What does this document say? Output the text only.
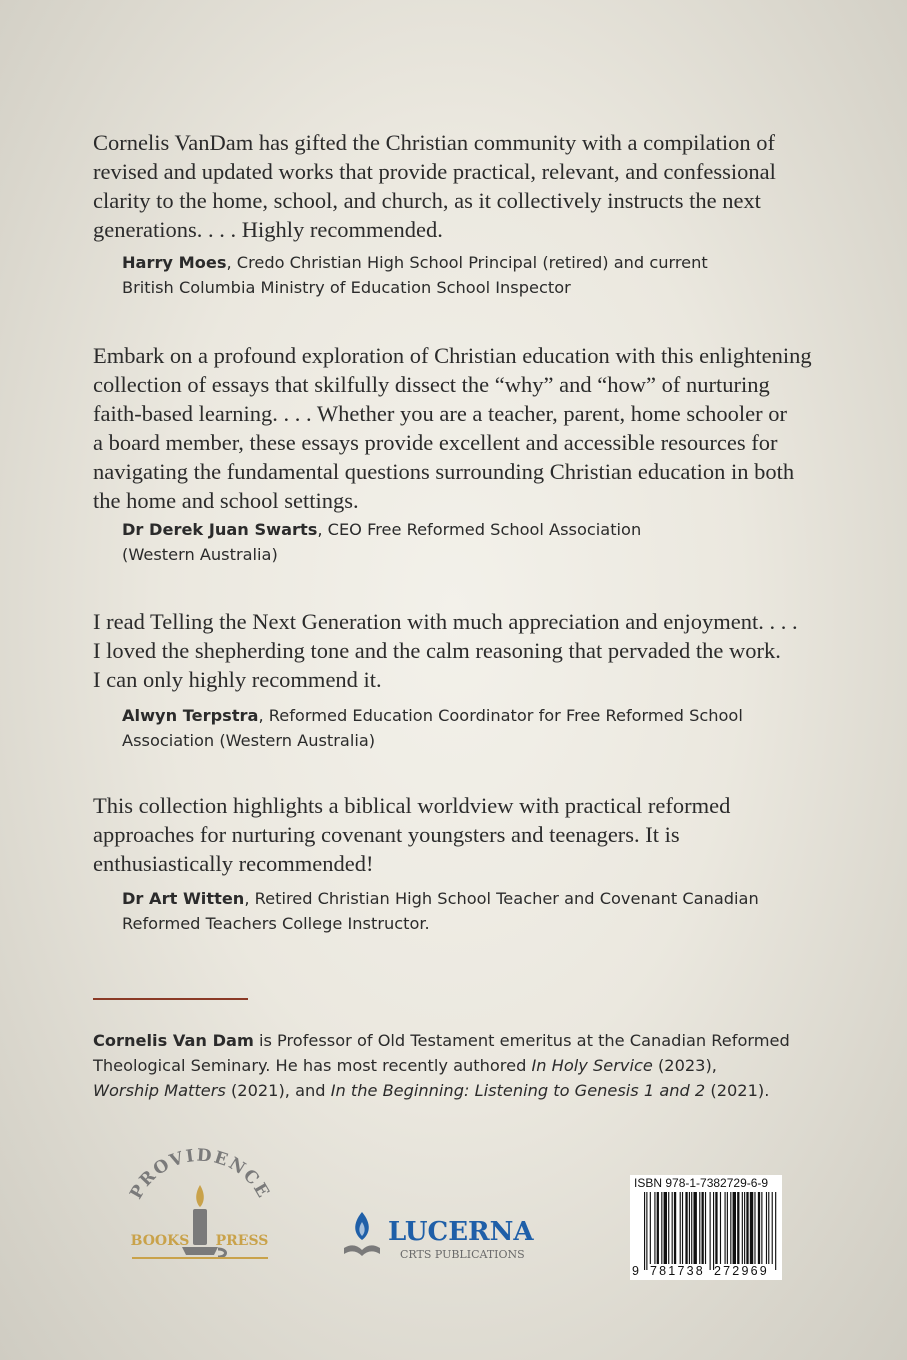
Cornelis VanDam has gifted the Christian community with a compilation of
revised and updated works that provide practical, relevant, and confessional
clarity to the home, school, and church, as it collectively instructs the next
generations. . . . Highly recommended.

Harry Moes, Credo Christian High School Principal (retired) and current
British Columbia Ministry of Education School Inspector

Embark on a profound exploration of Christian education with this enlightening
collection of essays that skilfully dissect the “why” and “how” of nurturing
faith-based learning. . . . Whether you are a teacher, parent, home schooler or
a board member, these essays provide excellent and accessible resources for
navigating the fundamental questions surrounding Christian education in both
the home and school settings.

Dr Derek Juan Swarts, CEO Free Reformed School Association
(Western Australia)

I read Telling the Next Generation with much appreciation and enjoyment. . . .
I loved the shepherding tone and the calm reasoning that pervaded the work.
I can only highly recommend it.

Alwyn Terpstra, Reformed Education Coordinator for Free Reformed School
Association (Western Australia)

This collection highlights a biblical worldview with practical reformed
approaches for nurturing covenant youngsters and teenagers. It is
enthusiastically recommended!

Dr Art Witten, Retired Christian High School Teacher and Covenant Canadian
Reformed Teachers College Instructor.

Cornelis Van Dam is Professor of Old Testament emeritus at the Canadian Reformed
Theological Seminary. He has most recently authored In Holy Service (2023),
Worship Matters (2021), and In the Beginning: Listening to Genesis 1 and 2 (2021).

PROVIDENCE
BOOKS PRESS	LUCERNA
CRTS PUBLICATIONS
ISBN 978-1-7382729-6-9
9 781738 272969
